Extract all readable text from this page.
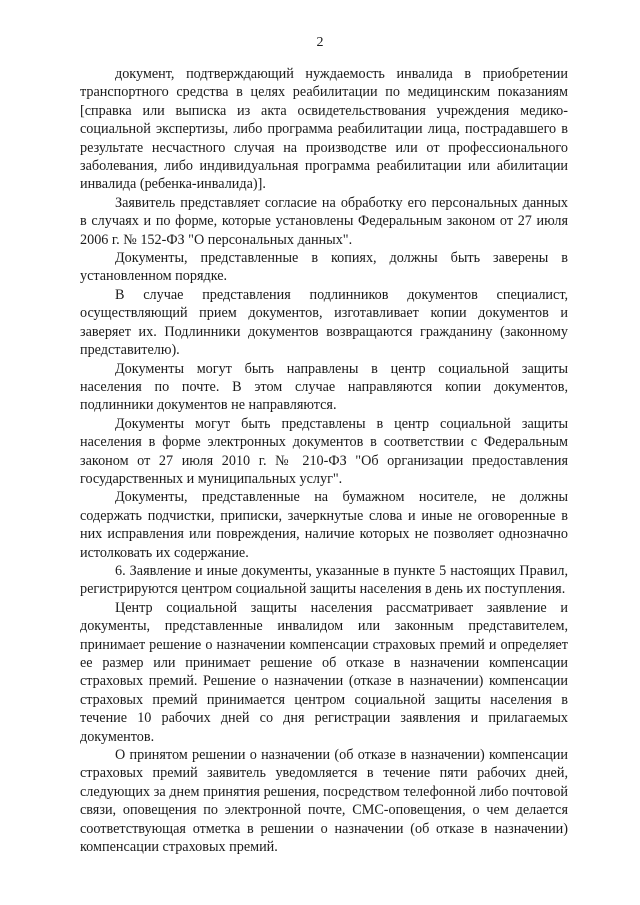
2

документ, подтверждающий нуждаемость инвалида в приобретении транспортного средства в целях реабилитации по медицинским показаниям [справка или выписка из акта освидетельствования учреждения медико-социальной экспертизы, либо программа реабилитации лица, пострадавшего в результате несчастного случая на производстве или от профессионального заболевания, либо индивидуальная программа реабилитации или абилитации инвалида (ребенка-инвалида)].

Заявитель представляет согласие на обработку его персональных данных в случаях и по форме, которые установлены Федеральным законом от 27 июля 2006 г. № 152-ФЗ "О персональных данных".

Документы, представленные в копиях, должны быть заверены в установленном порядке.

В случае представления подлинников документов специалист, осуществляющий прием документов, изготавливает копии документов и заверяет их. Подлинники документов возвращаются гражданину (законному представителю).

Документы могут быть направлены в центр социальной защиты населения по почте. В этом случае направляются копии документов, подлинники документов не направляются.

Документы могут быть представлены в центр социальной защиты населения в форме электронных документов в соответствии с Федеральным законом от 27 июля 2010 г. № 210-ФЗ "Об организации предоставления государственных и муниципальных услуг".

Документы, представленные на бумажном носителе, не должны содержать подчистки, приписки, зачеркнутые слова и иные не оговоренные в них исправления или повреждения, наличие которых не позволяет однозначно истолковать их содержание.

6. Заявление и иные документы, указанные в пункте 5 настоящих Правил, регистрируются центром социальной защиты населения в день их поступления.

Центр социальной защиты населения рассматривает заявление и документы, представленные инвалидом или законным представителем, принимает решение о назначении компенсации страховых премий и определяет ее размер или принимает решение об отказе в назначении компенсации страховых премий. Решение о назначении (отказе в назначении) компенсации страховых премий принимается центром социальной защиты населения в течение 10 рабочих дней со дня регистрации заявления и прилагаемых документов.

О принятом решении о назначении (об отказе в назначении) компенсации страховых премий заявитель уведомляется в течение пяти рабочих дней, следующих за днем принятия решения, посредством телефонной либо почтовой связи, оповещения по электронной почте, СМС-оповещения, о чем делается соответствующая отметка в решении о назначении (об отказе в назначении) компенсации страховых премий.
